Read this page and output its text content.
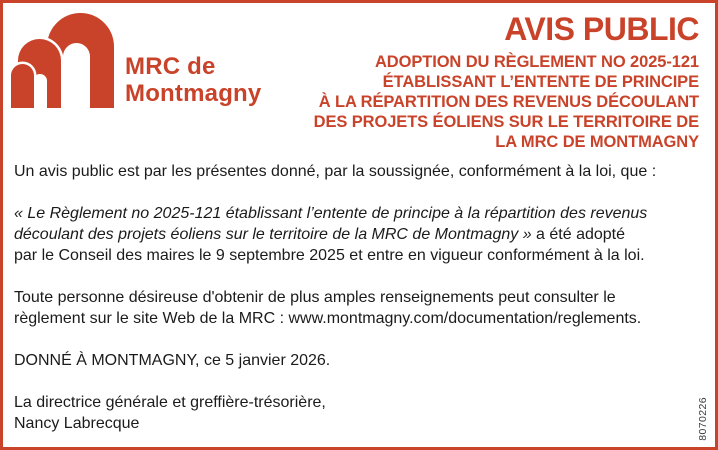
MRC de
Montmagny
AVIS PUBLIC
ADOPTION DU RÈGLEMENT NO 2025-121
ÉTABLISSANT L’ENTENTE DE PRINCIPE
À LA RÉPARTITION DES REVENUS DÉCOULANT
DES PROJETS ÉOLIENS SUR LE TERRITOIRE DE
LA MRC DE MONTMAGNY

Un avis public est par les présentes donné, par la soussignée, conformément à la loi, que :

« Le Règlement no 2025-121 établissant l’entente de principe à la répartition des revenus
découlant des projets éoliens sur le territoire de la MRC de Montmagny » a été adopté
par le Conseil des maires le 9 septembre 2025 et entre en vigueur conformément à la loi.

Toute personne désireuse d'obtenir de plus amples renseignements peut consulter le
règlement sur le site Web de la MRC : www.montmagny.com/documentation/reglements.

DONNÉ À MONTMAGNY, ce 5 janvier 2026.

La directrice générale et greffière-trésorière,
Nancy Labrecque	8070226
